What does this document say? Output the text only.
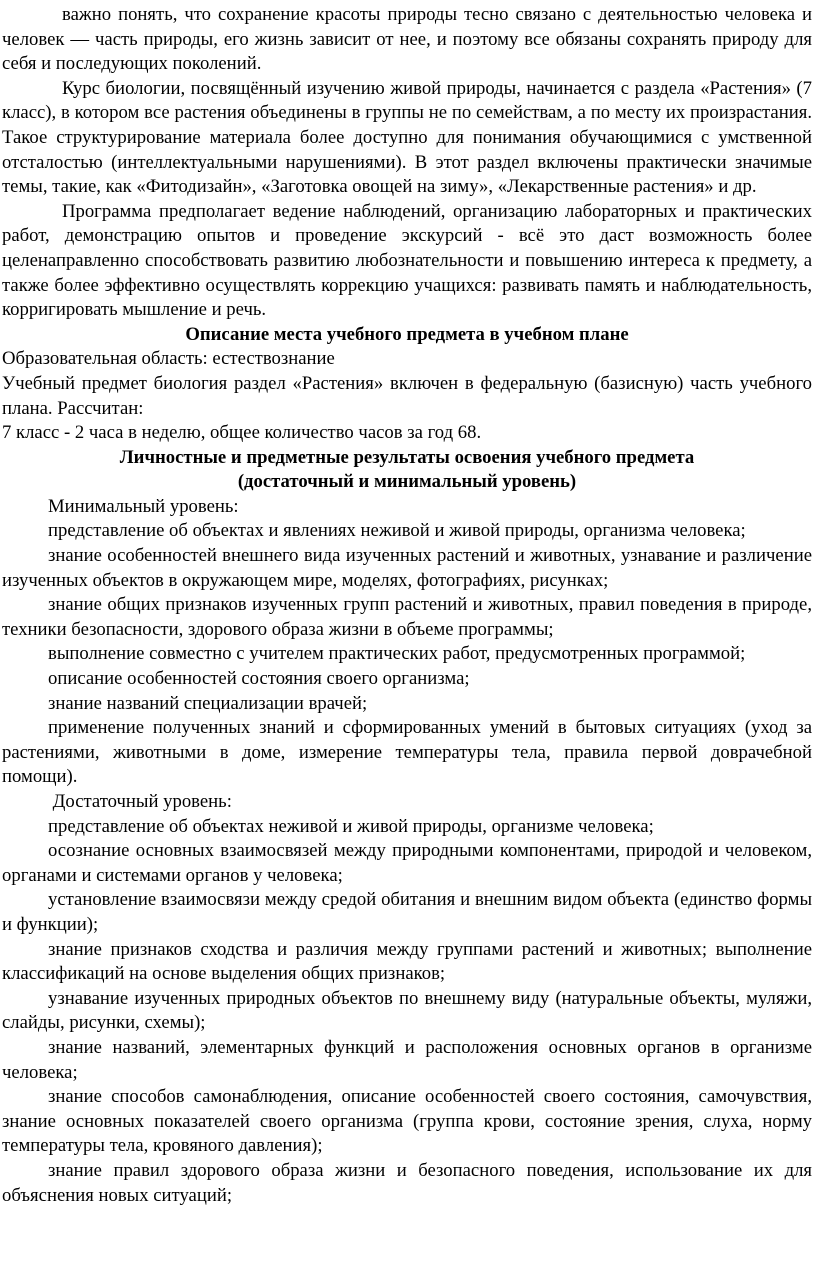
важно понять, что сохранение красоты природы тесно связано с деятельностью человека и человек — часть природы, его жизнь зависит от нее, и поэтому все обязаны сохранять природу для себя и последующих поколений.

Курс биологии, посвящённый изучению живой природы, начинается с раздела «Растения» (7 класс), в котором все растения объединены в группы не по семействам, а по месту их произрастания. Такое структурирование материала более доступно для понимания обучающимися с умственной отсталостью (интеллектуальными нарушениями). В этот раздел включены практически значимые темы, такие, как «Фитодизайн», «Заготовка овощей на зиму», «Лекарственные растения» и др.

Программа предполагает ведение наблюдений, организацию лабораторных и практических работ, демонстрацию опытов и проведение экскурсий - всё это даст возможность более целенаправленно способствовать развитию любознательности и повышению интереса к предмету, а также более эффективно осуществлять коррекцию учащихся: развивать память и наблюдательность, корригировать мышление и речь.

Описание места учебного предмета в учебном плане

Образовательная область: естествознание

Учебный предмет биология раздел «Растения» включен в федеральную (базисную) часть учебного плана. Рассчитан:

7 класс - 2 часа в неделю, общее количество часов за год 68.

Личностные и предметные результаты освоения учебного предмета

(достаточный и минимальный уровень)

Минимальный уровень:

представление об объектах и явлениях неживой и живой природы, организма человека;

знание особенностей внешнего вида изученных растений и животных, узнавание и различение изученных объектов в окружающем мире, моделях, фотографиях, рисунках;

знание общих признаков изученных групп растений и животных, правил поведения в природе, техники безопасности, здорового образа жизни в объеме программы;

выполнение совместно с учителем практических работ, предусмотренных программой;

описание особенностей состояния своего организма;

знание названий специализации врачей;

применение полученных знаний и сформированных умений в бытовых ситуациях (уход за растениями, животными в доме, измерение температуры тела, правила первой доврачебной помощи).

Достаточный уровень:

представление об объектах неживой и живой природы, организме человека;

осознание основных взаимосвязей между природными компонентами, природой и человеком, органами и системами органов у человека;

установление взаимосвязи между средой обитания и внешним видом объекта (единство формы и функции);

знание признаков сходства и различия между группами растений и животных; выполнение классификаций на основе выделения общих признаков;

узнавание изученных природных объектов по внешнему виду (натуральные объекты, муляжи, слайды, рисунки, схемы);

знание названий, элементарных функций и расположения основных органов в организме человека;

знание способов самонаблюдения, описание особенностей своего состояния, самочувствия, знание основных показателей своего организма (группа крови, состояние зрения, слуха, норму температуры тела, кровяного давления);

знание правил здорового образа жизни и безопасного поведения, использование их для объяснения новых ситуаций;
